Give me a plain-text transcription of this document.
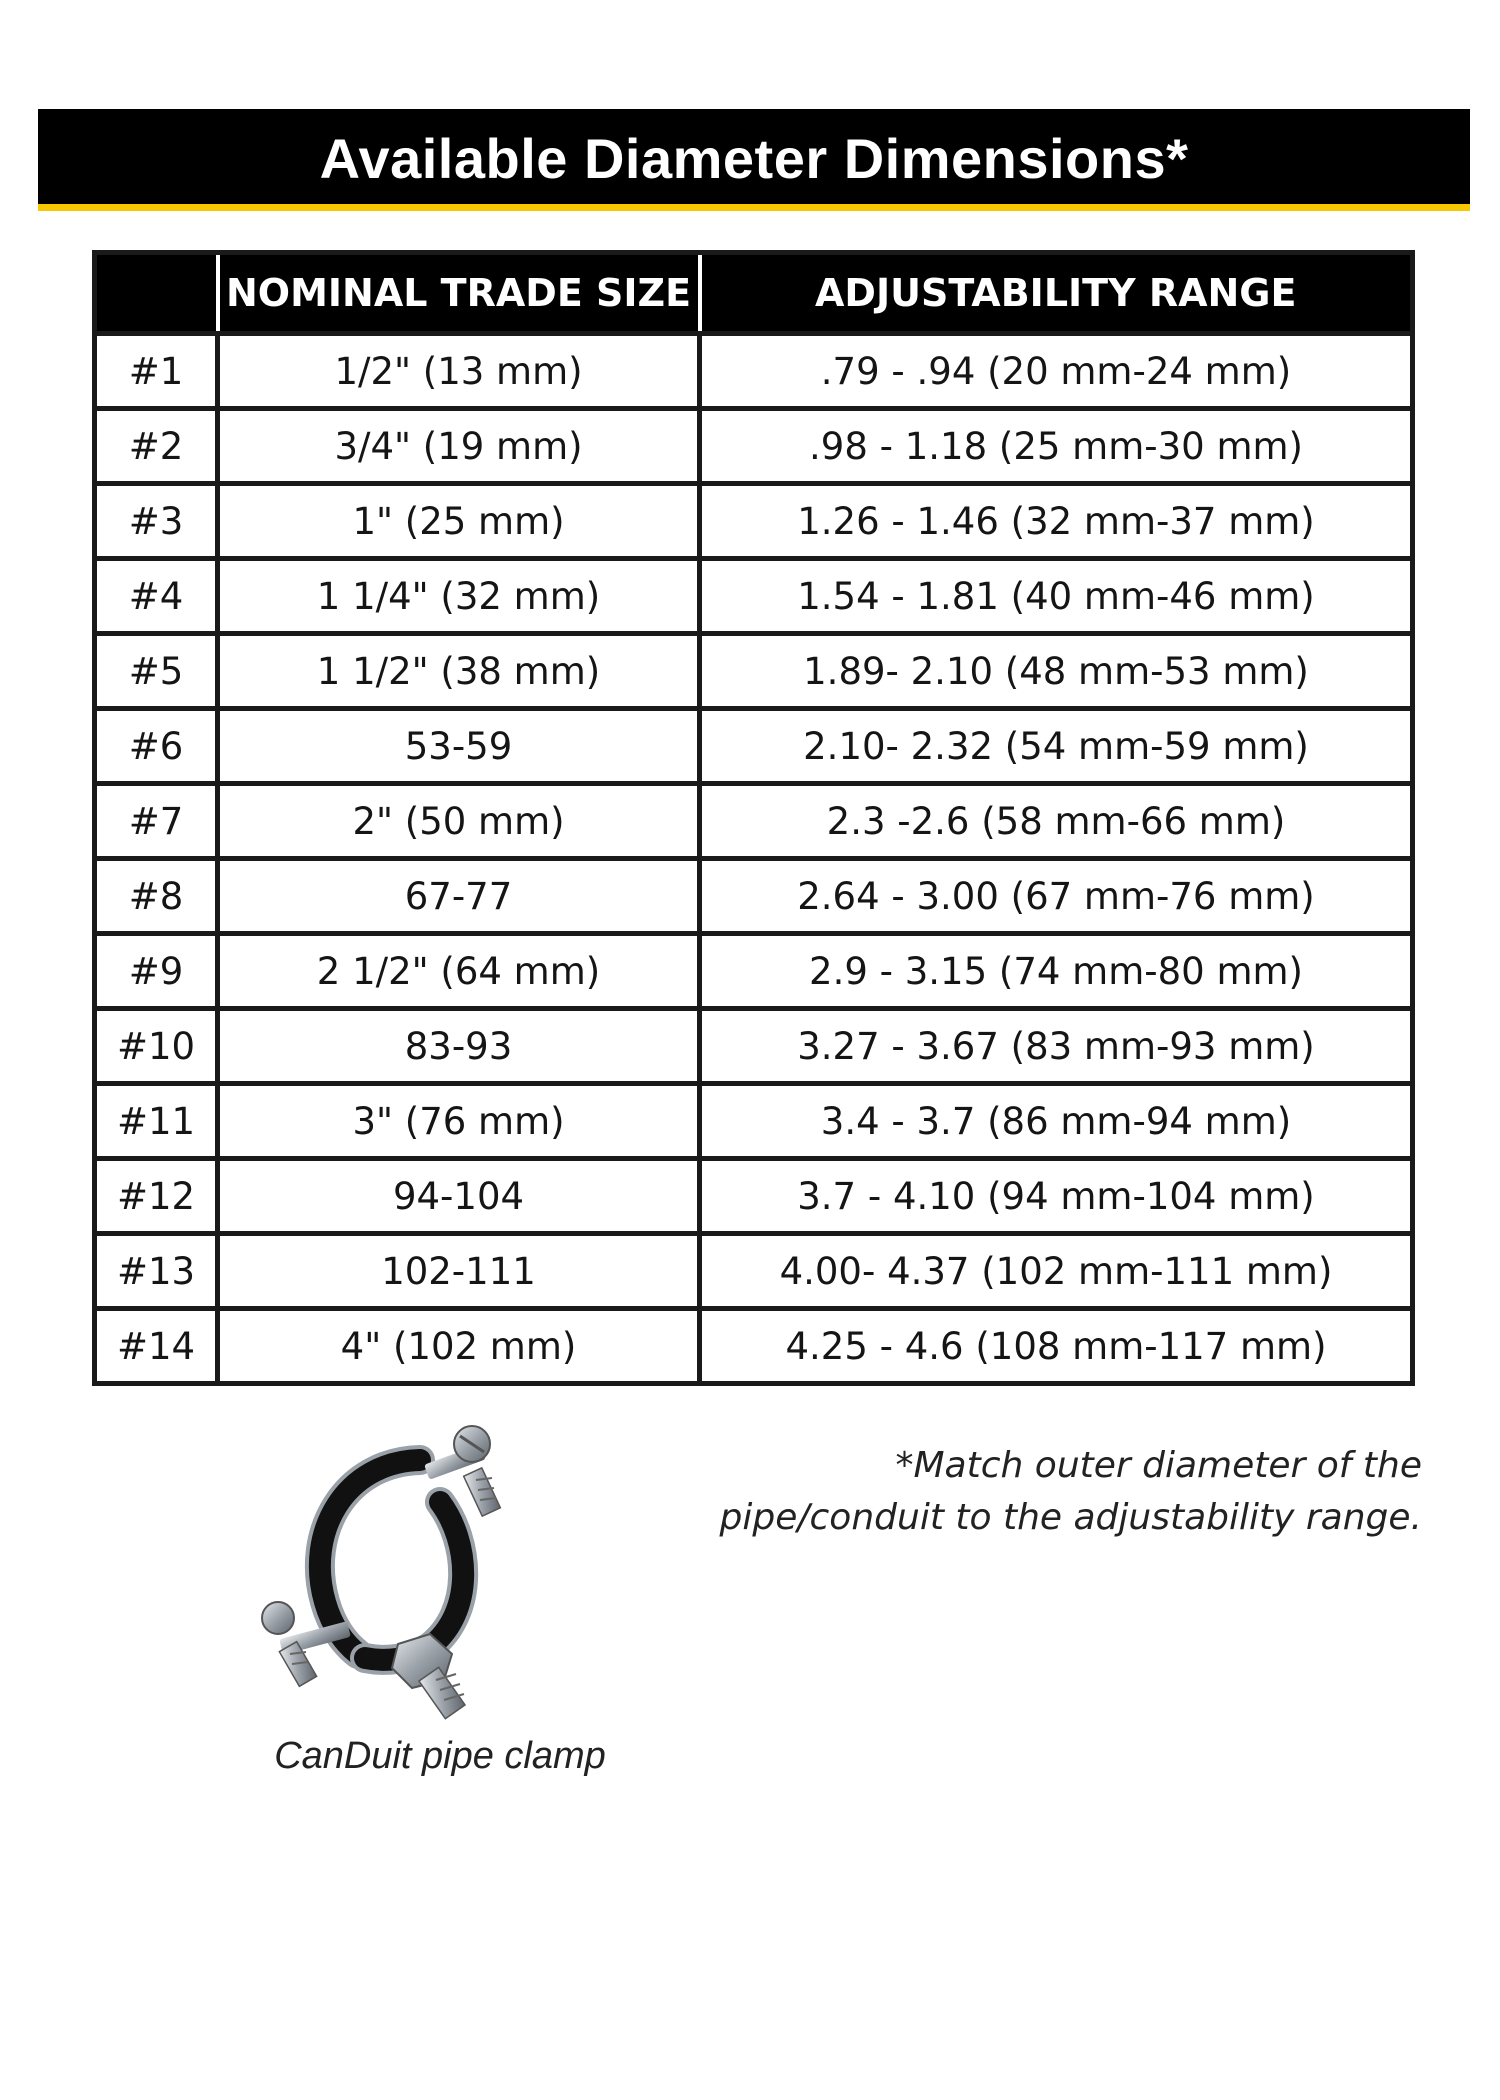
Available Diameter Dimensions*
	NOMINAL TRADE SIZE	ADJUSTABILITY RANGE
#1	1/2" (13 mm)	.79 - .94 (20 mm-24 mm)
#2	3/4" (19 mm)	.98 - 1.18 (25 mm-30 mm)
#3	1" (25 mm)	1.26 - 1.46 (32 mm-37 mm)
#4	1 1/4" (32 mm)	1.54 - 1.81 (40 mm-46 mm)
#5	1 1/2" (38 mm)	1.89- 2.10 (48 mm-53 mm)
#6	53-59	2.10- 2.32 (54 mm-59 mm)
#7	2" (50 mm)	2.3 -2.6 (58 mm-66 mm)
#8	67-77	2.64 - 3.00 (67 mm-76 mm)
#9	2 1/2" (64 mm)	2.9 - 3.15 (74 mm-80 mm)
#10	83-93	3.27 - 3.67 (83 mm-93 mm)
#11	3" (76 mm)	3.4 - 3.7 (86 mm-94 mm)
#12	94-104	3.7 - 4.10 (94 mm-104 mm)
#13	102-111	4.00- 4.37 (102 mm-111 mm)
#14	4" (102 mm)	4.25 - 4.6 (108 mm-117 mm)
CanDuit pipe clamp
*Match outer diameter of the
pipe/conduit to the adjustability range.
